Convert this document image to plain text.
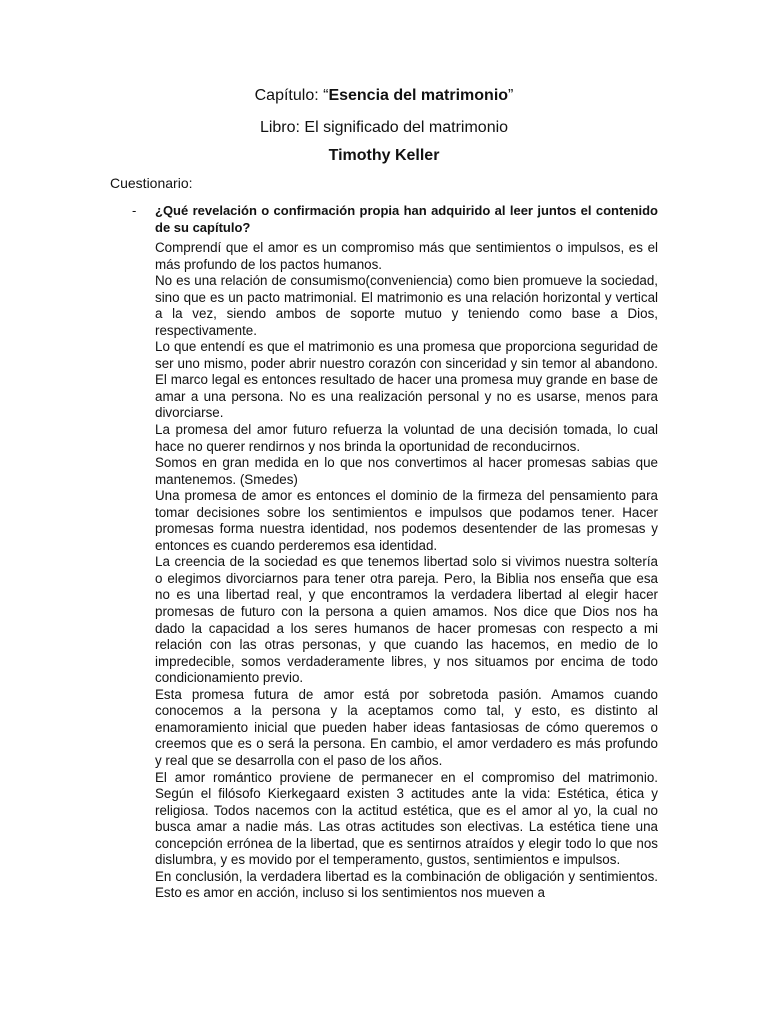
Capítulo: “Esencia del matrimonio”
Libro: El significado del matrimonio
Timothy Keller
Cuestionario:
- ¿Qué revelación o confirmación propia han adquirido al leer juntos el contenido de su capítulo?

Comprendí que el amor es un compromiso más que sentimientos o impulsos, es el más profundo de los pactos humanos.

No es una relación de consumismo(conveniencia) como bien promueve la sociedad, sino que es un pacto matrimonial. El matrimonio es una relación horizontal y vertical a la vez, siendo ambos de soporte mutuo y teniendo como base a Dios, respectivamente.

Lo que entendí es que el matrimonio es una promesa que proporciona seguridad de ser uno mismo, poder abrir nuestro corazón con sinceridad y sin temor al abandono. El marco legal es entonces resultado de hacer una promesa muy grande en base de amar a una persona. No es una realización personal y no es usarse, menos para divorciarse.

La promesa del amor futuro refuerza la voluntad de una decisión tomada, lo cual hace no querer rendirnos y nos brinda la oportunidad de reconducirnos.

Somos en gran medida en lo que nos convertimos al hacer promesas sabias que mantenemos. (Smedes)

Una promesa de amor es entonces el dominio de la firmeza del pensamiento para tomar decisiones sobre los sentimientos e impulsos que podamos tener. Hacer promesas forma nuestra identidad, nos podemos desentender de las promesas y entonces es cuando perderemos esa identidad.

La creencia de la sociedad es que tenemos libertad solo si vivimos nuestra soltería o elegimos divorciarnos para tener otra pareja. Pero, la Biblia nos enseña que esa no es una libertad real, y que encontramos la verdadera libertad al elegir hacer promesas de futuro con la persona a quien amamos. Nos dice que Dios nos ha dado la capacidad a los seres humanos de hacer promesas con respecto a mi relación con las otras personas, y que cuando las hacemos, en medio de lo impredecible, somos verdaderamente libres, y nos situamos por encima de todo condicionamiento previo.

Esta promesa futura de amor está por sobretoda pasión. Amamos cuando conocemos a la persona y la aceptamos como tal, y esto, es distinto al enamoramiento inicial que pueden haber ideas fantasiosas de cómo queremos o creemos que es o será la persona. En cambio, el amor verdadero es más profundo y real que se desarrolla con el paso de los años.

El amor romántico proviene de permanecer en el compromiso del matrimonio. Según el filósofo Kierkegaard existen 3 actitudes ante la vida: Estética, ética y religiosa. Todos nacemos con la actitud estética, que es el amor al yo, la cual no busca amar a nadie más. Las otras actitudes son electivas. La estética tiene una concepción errónea de la libertad, que es sentirnos atraídos y elegir todo lo que nos dislumbra, y es movido por el temperamento, gustos, sentimientos e impulsos.

En conclusión, la verdadera libertad es la combinación de obligación y sentimientos. Esto es amor en acción, incluso si los sentimientos nos mueven a
